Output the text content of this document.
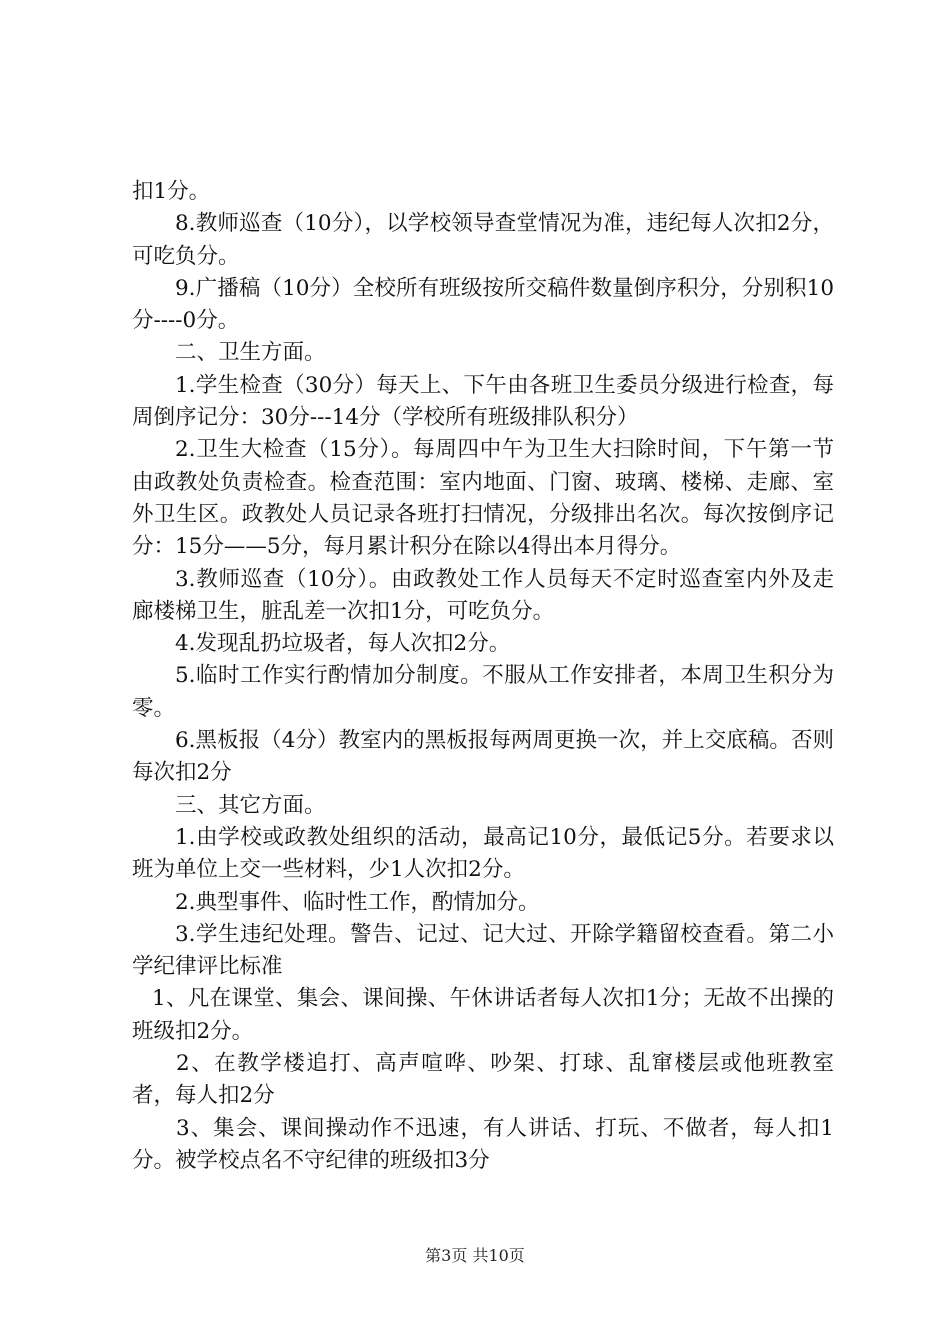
扣1分。

8.教师巡查（10分），以学校领导查堂情况为准，违纪每人次扣2分，可吃负分。

9.广播稿（10分）全校所有班级按所交稿件数量倒序积分，分别积10分----0分。

二、卫生方面。

1.学生检查（30分）每天上、下午由各班卫生委员分级进行检查，每周倒序记分：30分---14分（学校所有班级排队积分）

2.卫生大检查（15分）。每周四中午为卫生大扫除时间，下午第一节由政教处负责检查。检查范围：室内地面、门窗、玻璃、楼梯、走廊、室外卫生区。政教处人员记录各班打扫情况，分级排出名次。每次按倒序记分：15分——5分，每月累计积分在除以4得出本月得分。

3.教师巡查（10分）。由政教处工作人员每天不定时巡查室内外及走廊楼梯卫生，脏乱差一次扣1分，可吃负分。

4.发现乱扔垃圾者，每人次扣2分。

5.临时工作实行酌情加分制度。不服从工作安排者，本周卫生积分为零。

6.黑板报（4分）教室内的黑板报每两周更换一次，并上交底稿。否则每次扣2分

三、其它方面。

1.由学校或政教处组织的活动，最高记10分，最低记5分。若要求以班为单位上交一些材料，少1人次扣2分。

2.典型事件、临时性工作，酌情加分。

3.学生违纪处理。警告、记过、记大过、开除学籍留校查看。第二小学纪律评比标准

1、凡在课堂、集会、课间操、午休讲话者每人次扣1分；无故不出操的班级扣2分。

2、在教学楼追打、高声喧哗、吵架、打球、乱窜楼层或他班教室者，每人扣2分

3、集会、课间操动作不迅速，有人讲话、打玩、不做者，每人扣1分。被学校点名不守纪律的班级扣3分

第3页 共10页
